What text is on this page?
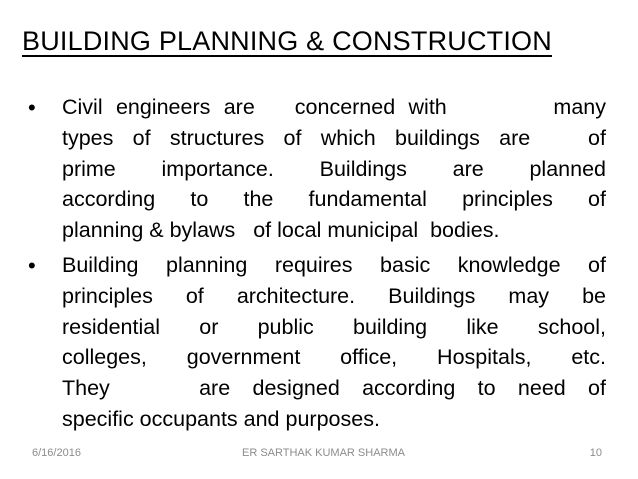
BUILDING PLANNING & CONSTRUCTION
• Civil engineers are   concerned with        many
types of structures of which buildings are   of
prime importance. Buildings are planned
according to the fundamental principles of
planning & bylaws   of local municipal  bodies.
• Building planning requires basic knowledge of
principles of architecture. Buildings may be
residential or public building like school,
colleges, government office, Hospitals, etc.
They    are designed according to need of
specific occupants and purposes.
6/16/2016	ER SARTHAK KUMAR SHARMA	10
